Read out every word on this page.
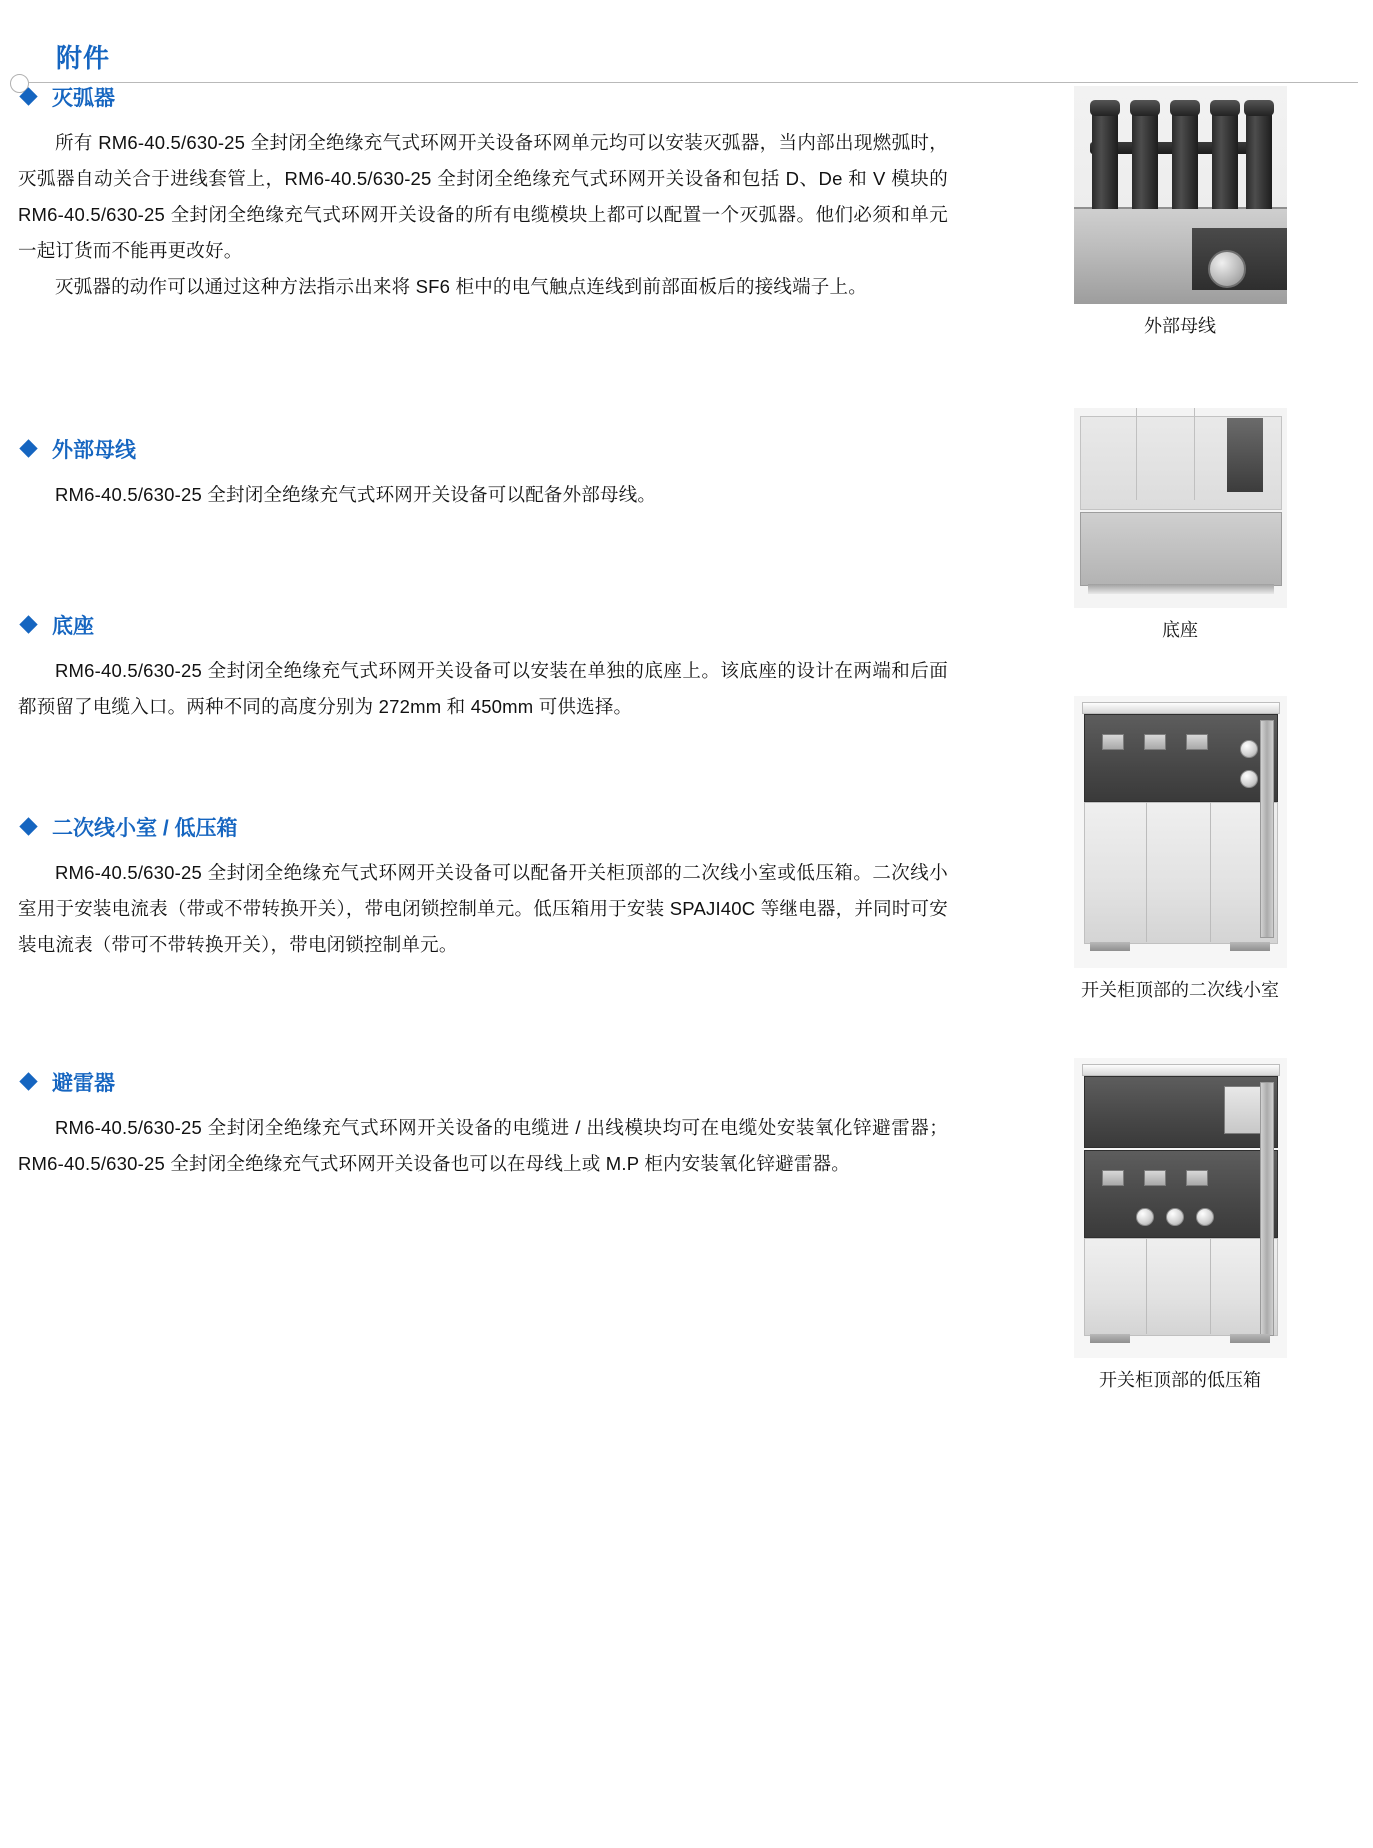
附件
灭弧器

所有 RM6-40.5/630-25 全封闭全绝缘充气式环网开关设备环网单元均可以安装灭弧器，当内部出现燃弧时，灭弧器自动关合于进线套管上，RM6-40.5/630-25 全封闭全绝缘充气式环网开关设备和包括 D、De 和 V 模块的 RM6-40.5/630-25 全封闭全绝缘充气式环网开关设备的所有电缆模块上都可以配置一个灭弧器。他们必须和单元一起订货而不能再更改好。

灭弧器的动作可以通过这种方法指示出来将 SF6 柜中的电气触点连线到前部面板后的接线端子上。

外部母线

RM6-40.5/630-25 全封闭全绝缘充气式环网开关设备可以配备外部母线。

底座

RM6-40.5/630-25 全封闭全绝缘充气式环网开关设备可以安装在单独的底座上。该底座的设计在两端和后面都预留了电缆入口。两种不同的高度分别为 272mm 和 450mm 可供选择。

二次线小室 / 低压箱

RM6-40.5/630-25 全封闭全绝缘充气式环网开关设备可以配备开关柜顶部的二次线小室或低压箱。二次线小室用于安装电流表（带或不带转换开关），带电闭锁控制单元。低压箱用于安装 SPAJI40C 等继电器，并同时可安装电流表（带可不带转换开关），带电闭锁控制单元。

避雷器

RM6-40.5/630-25 全封闭全绝缘充气式环网开关设备的电缆进 / 出线模块均可在电缆处安装氧化锌避雷器；RM6-40.5/630-25 全封闭全绝缘充气式环网开关设备也可以在母线上或 M.P 柜内安装氧化锌避雷器。

外部母线
底座
开关柜顶部的二次线小室
开关柜顶部的低压箱
